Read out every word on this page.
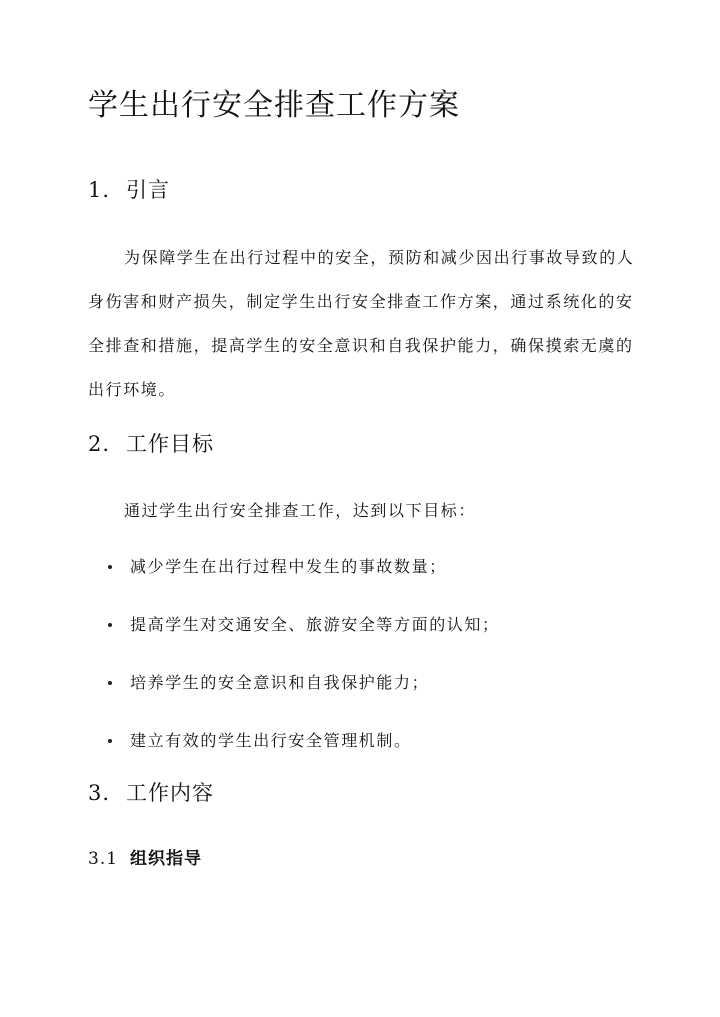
学生出行安全排查工作方案
1. 引言

为保障学生在出行过程中的安全，预防和减少因出行事故导致的人身伤害和财产损失，制定学生出行安全排查工作方案，通过系统化的安全排查和措施，提高学生的安全意识和自我保护能力，确保摸索无虞的出行环境。

2. 工作目标

通过学生出行安全排查工作，达到以下目标：

减少学生在出行过程中发生的事故数量；
提高学生对交通安全、旅游安全等方面的认知；
培养学生的安全意识和自我保护能力；
建立有效的学生出行安全管理机制。
3. 工作内容
3.1 组织指导
